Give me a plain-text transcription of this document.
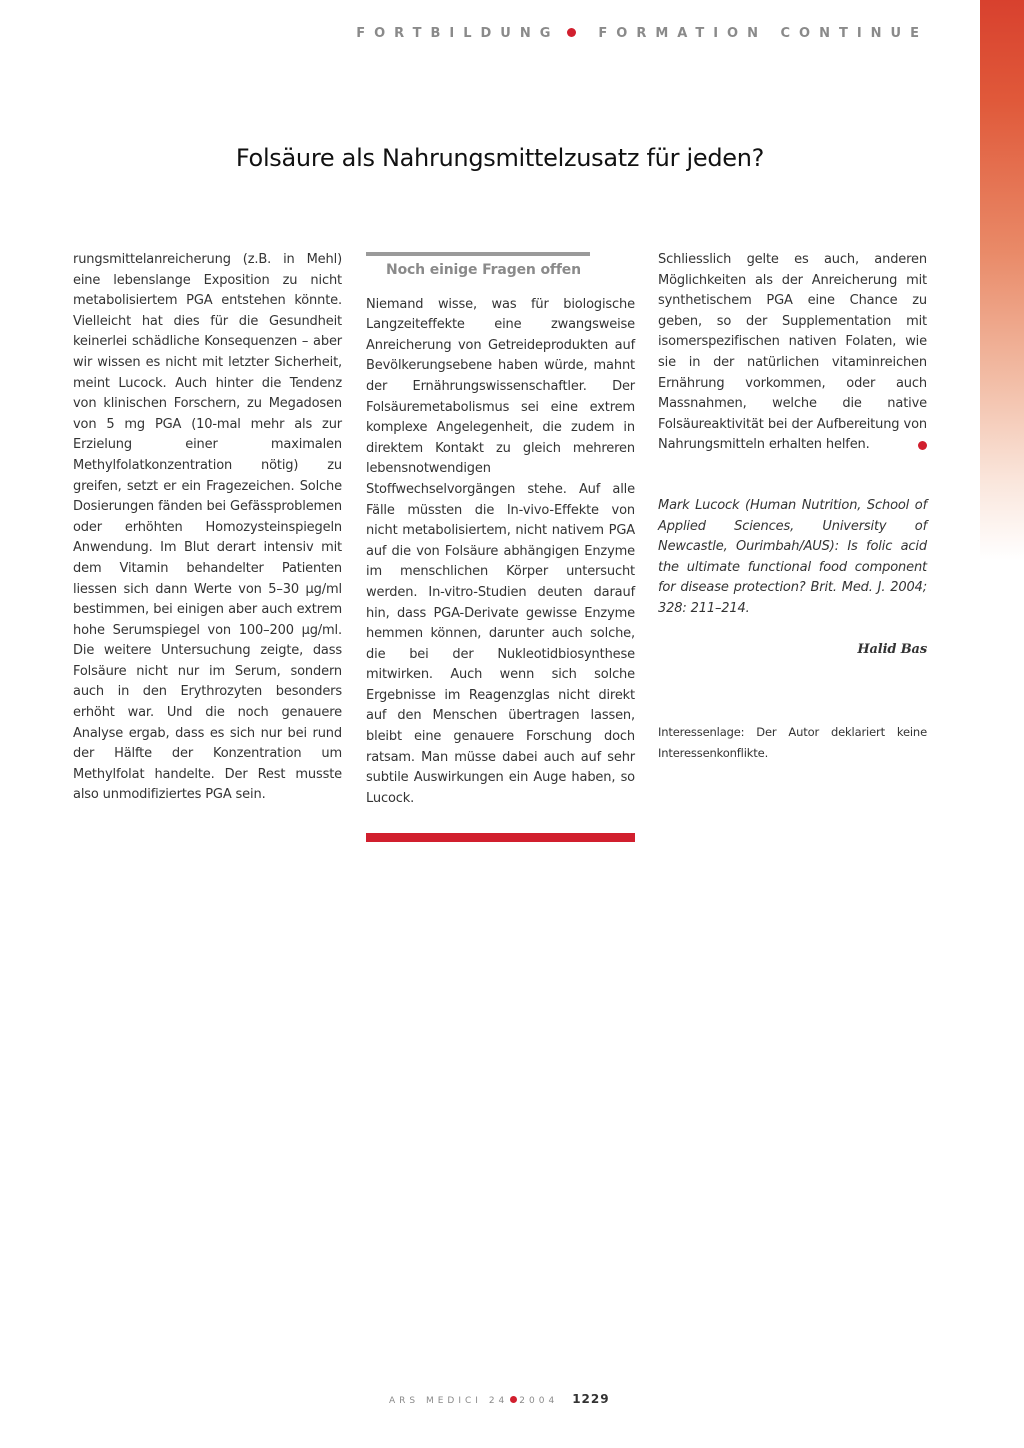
FORTBILDUNG	FORMATION CONTINUE
Folsäure als Nahrungsmittelzusatz für jeden?

rungsmittelanreicherung (z.B. in Mehl) eine lebenslange Exposition zu nicht metabolisiertem PGA entstehen könnte. Vielleicht hat dies für die Gesundheit keinerlei schädliche Konsequenzen – aber wir wissen es nicht mit letzter Sicherheit, meint Lucock. Auch hinter die Tendenz von klinischen Forschern, zu Megadosen von 5 mg PGA (10-mal mehr als zur Erzielung einer maximalen Methylfolatkonzentration nötig) zu greifen, setzt er ein Fragezeichen. Solche Dosierungen fänden bei Gefässproblemen oder erhöhten Homozysteinspiegeln Anwendung. Im Blut derart intensiv mit dem Vitamin behandelter Patienten liessen sich dann Werte von 5–30 µg/ml bestimmen, bei einigen aber auch extrem hohe Serumspiegel von 100–200 µg/ml. Die weitere Untersuchung zeigte, dass Folsäure nicht nur im Serum, sondern auch in den Erythrozyten besonders erhöht war. Und die noch genauere Analyse ergab, dass es sich nur bei rund der Hälfte der Konzentration um Methylfolat handelte. Der Rest musste also unmodifiziertes PGA sein.

Noch einige Fragen offen

Niemand wisse, was für biologische Langzeiteffekte eine zwangsweise Anreicherung von Getreideprodukten auf Bevölkerungsebene haben würde, mahnt der Ernährungswissenschaftler. Der Folsäuremetabolismus sei eine extrem komplexe Angelegenheit, die zudem in direktem Kontakt zu gleich mehreren lebensnotwendigen Stoffwechselvorgängen stehe. Auf alle Fälle müssten die In-vivo-Effekte von nicht metabolisiertem, nicht nativem PGA auf die von Folsäure abhängigen Enzyme im menschlichen Körper untersucht werden. In-vitro-Studien deuten darauf hin, dass PGA-Derivate gewisse Enzyme hemmen können, darunter auch solche, die bei der Nukleotidbiosynthese mitwirken. Auch wenn sich solche Ergebnisse im Reagenzglas nicht direkt auf den Menschen übertragen lassen, bleibt eine genauere Forschung doch ratsam. Man müsse dabei auch auf sehr subtile Auswirkungen ein Auge haben, so Lucock.

Schliesslich gelte es auch, anderen Möglichkeiten als der Anreicherung mit synthetischem PGA eine Chance zu geben, so der Supplementation mit isomerspezifischen nativen Folaten, wie sie in der natürlichen vitaminreichen Ernährung vorkommen, oder auch Massnahmen, welche die native Folsäureaktivität bei der Aufbereitung von Nahrungsmitteln erhalten helfen.

Mark Lucock (Human Nutrition, School of Applied Sciences, University of Newcastle, Ourimbah/AUS): Is folic acid the ultimate functional food component for disease protection? Brit. Med. J. 2004; 328: 211–214.

Halid Bas

Interessenlage: Der Autor deklariert keine Interessenkonflikte.

ARS MEDICI 24 2004 1229
